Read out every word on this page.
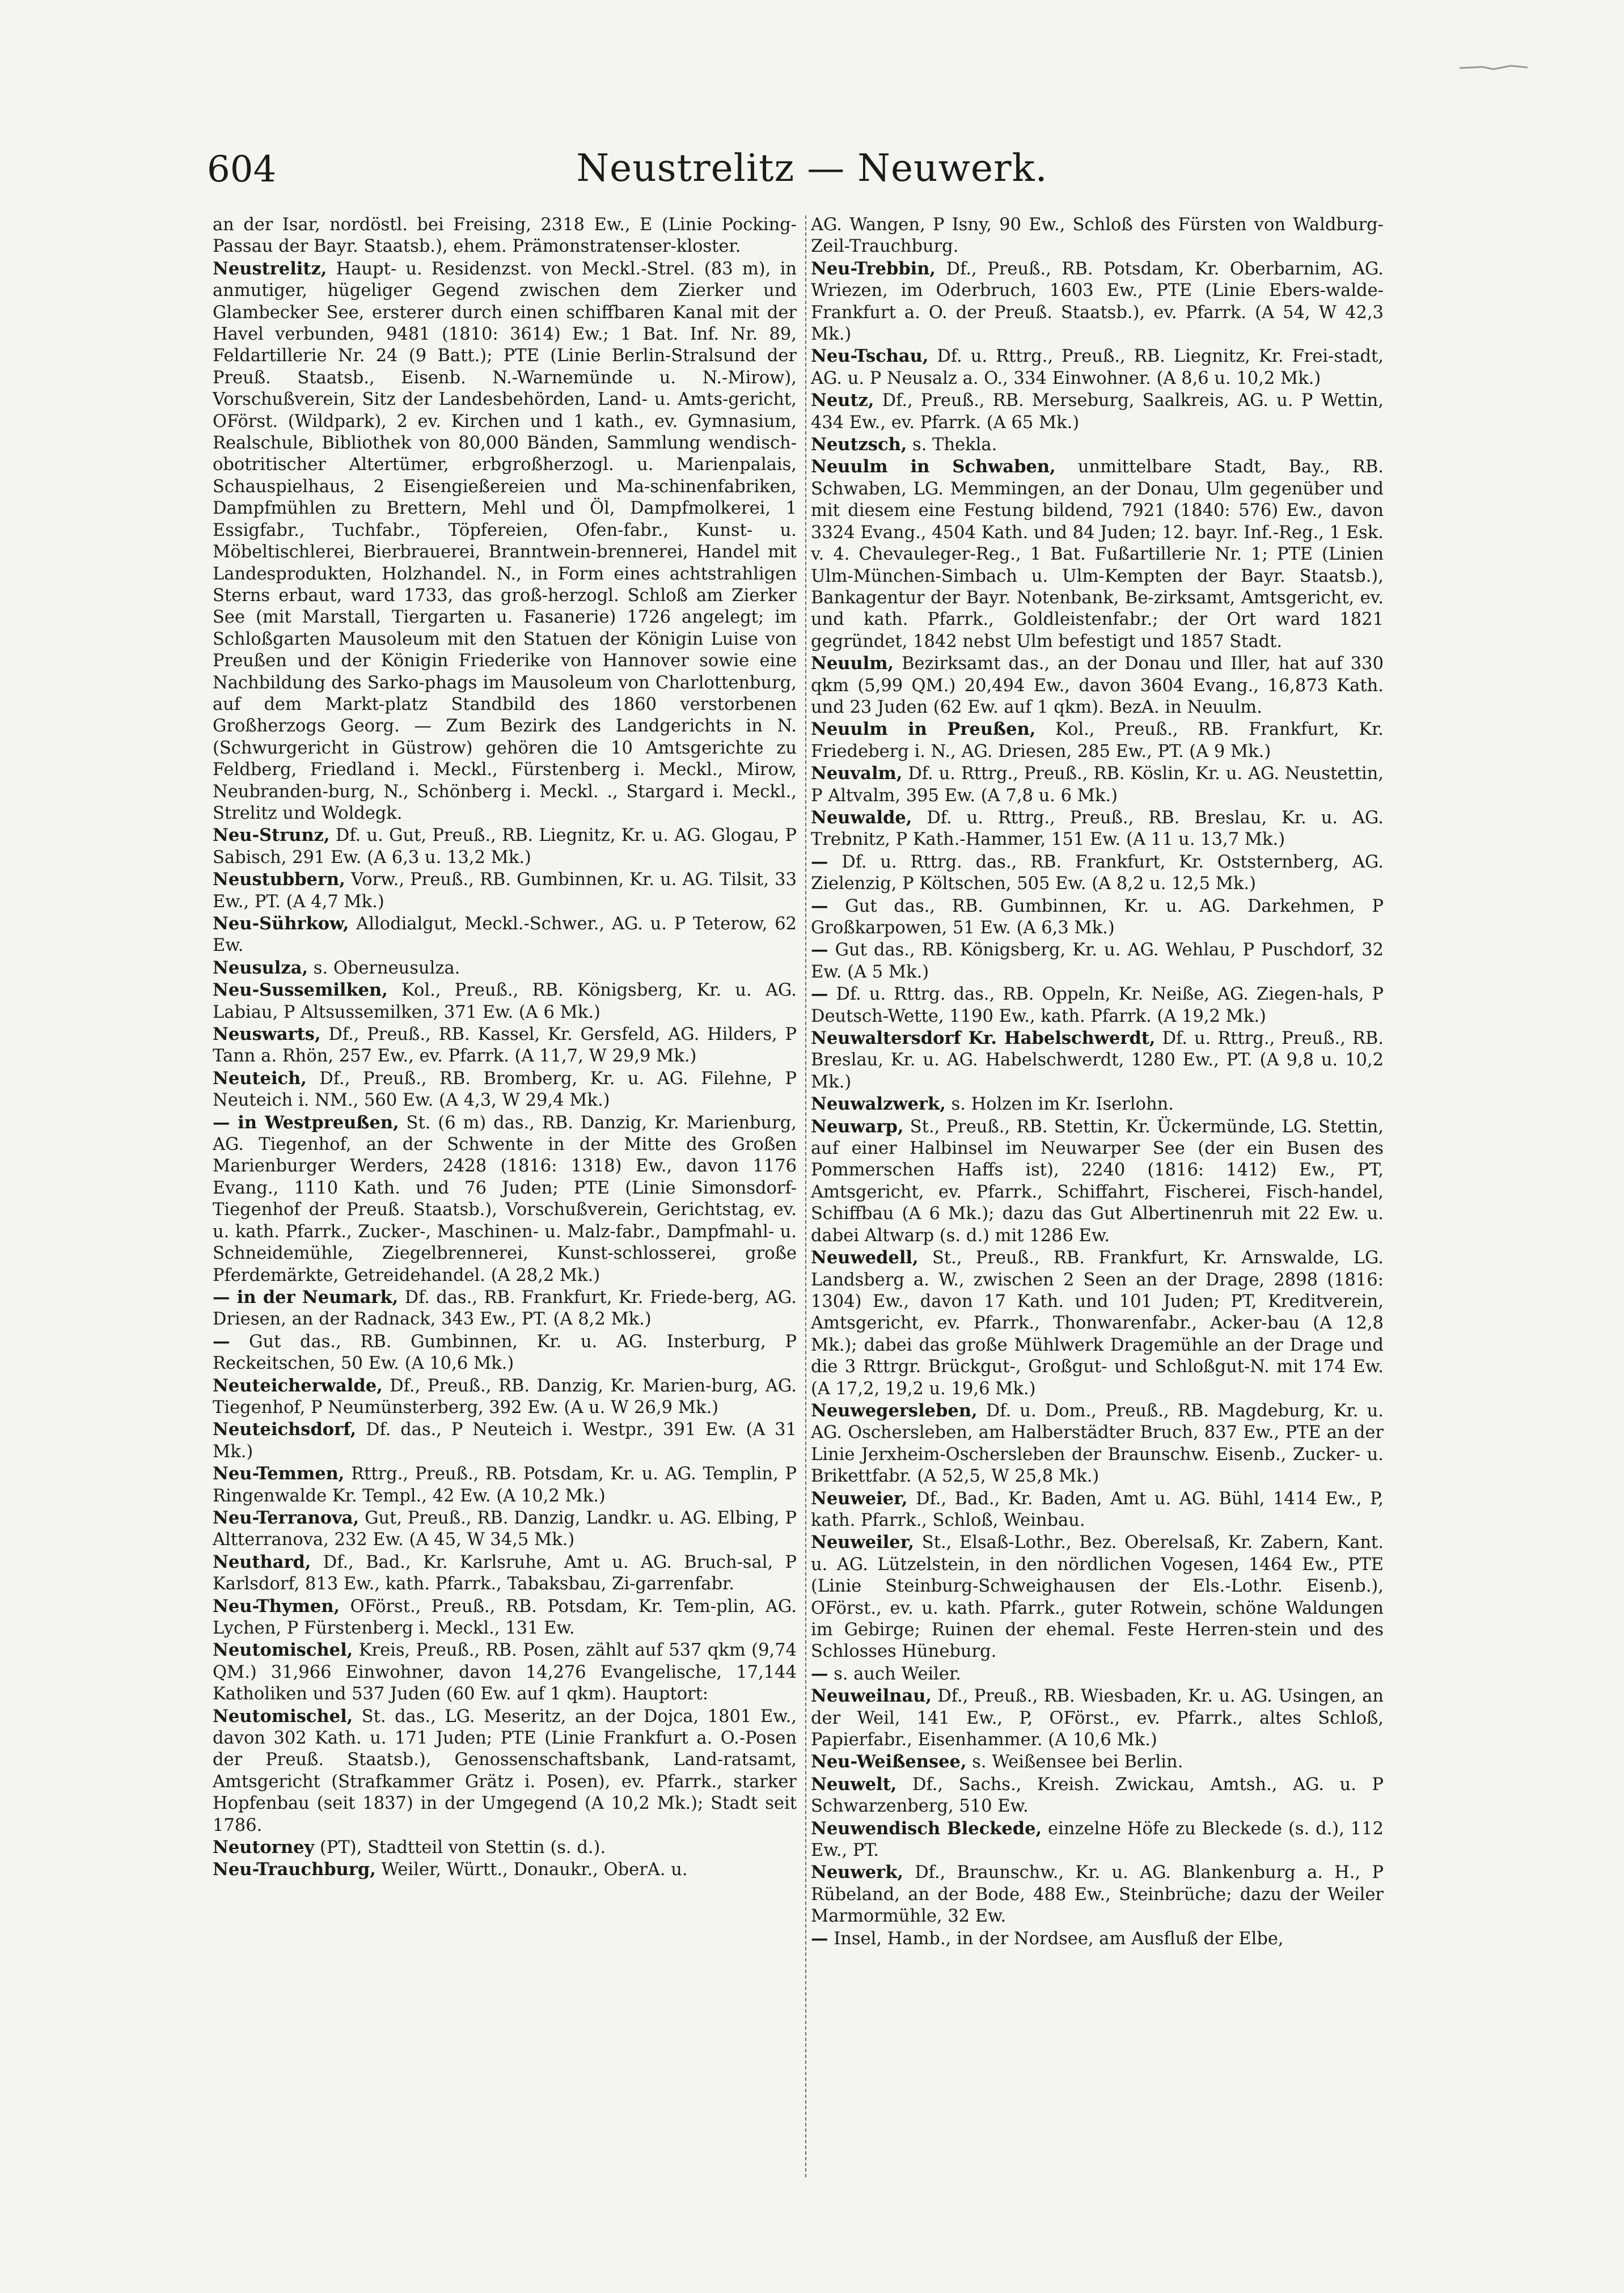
604	Neustrelitz — Neuwerk.

an der Isar, nordöstl. bei Freising, 2318 Ew., E (Linie Pocking-Passau der Bayr. Staatsb.), ehem. Prämonstratenser-kloster.

Neustrelitz, Haupt- u. Residenzst. von Meckl.-Strel. (83 m), in anmutiger, hügeliger Gegend zwischen dem Zierker und Glambecker See, ersterer durch einen schiffbaren Kanal mit der Havel verbunden, 9481 (1810: 3614) Ew.; 1 Bat. Inf. Nr. 89, Feldartillerie Nr. 24 (9 Batt.); PTE (Linie Berlin-Stralsund der Preuß. Staatsb., Eisenb. N.-Warnemünde u. N.-Mirow), Vorschußverein, Sitz der Landesbehörden, Land- u. Amts-gericht, OFörst. (Wildpark), 2 ev. Kirchen und 1 kath., ev. Gymnasium, Realschule, Bibliothek von 80,000 Bänden, Sammlung wendisch-obotritischer Altertümer, erbgroßherzogl. u. Marienpalais, Schauspielhaus, 2 Eisengießereien und Ma-schinenfabriken, Dampfmühlen zu Brettern, Mehl und Öl, Dampfmolkerei, 1 Essigfabr., Tuchfabr., Töpfereien, Ofen-fabr., Kunst- u. Möbeltischlerei, Bierbrauerei, Branntwein-brennerei, Handel mit Landesprodukten, Holzhandel. N., in Form eines achtstrahligen Sterns erbaut, ward 1733, das groß-herzogl. Schloß am Zierker See (mit Marstall, Tiergarten u. Fasanerie) 1726 angelegt; im Schloßgarten Mausoleum mit den Statuen der Königin Luise von Preußen und der Königin Friederike von Hannover sowie eine Nachbildung des Sarko-phags im Mausoleum von Charlottenburg, auf dem Markt-platz Standbild des 1860 verstorbenen Großherzogs Georg. — Zum Bezirk des Landgerichts in N. (Schwurgericht in Güstrow) gehören die 10 Amtsgerichte zu Feldberg, Friedland i. Meckl., Fürstenberg i. Meckl., Mirow, Neubranden-burg, N., Schönberg i. Meckl. ., Stargard i. Meckl., Strelitz und Woldegk.

Neu-Strunz, Df. u. Gut, Preuß., RB. Liegnitz, Kr. u. AG. Glogau, P Sabisch, 291 Ew. (A 6,3 u. 13,2 Mk.)

Neustubbern, Vorw., Preuß., RB. Gumbinnen, Kr. u. AG. Tilsit, 33 Ew., PT. (A 4,7 Mk.)

Neu-Sührkow, Allodialgut, Meckl.-Schwer., AG. u. P Teterow, 62 Ew.

Neusulza, s. Oberneusulza.

Neu-Sussemilken, Kol., Preuß., RB. Königsberg, Kr. u. AG. Labiau, P Altsussemilken, 371 Ew. (A 6 Mk.)

Neuswarts, Df., Preuß., RB. Kassel, Kr. Gersfeld, AG. Hilders, P Tann a. Rhön, 257 Ew., ev. Pfarrk. (A 11,7, W 29,9 Mk.)

Neuteich, Df., Preuß., RB. Bromberg, Kr. u. AG. Filehne, P Neuteich i. NM., 560 Ew. (A 4,3, W 29,4 Mk.)

— in Westpreußen, St. (6 m) das., RB. Danzig, Kr. Marienburg, AG. Tiegenhof, an der Schwente in der Mitte des Großen Marienburger Werders, 2428 (1816: 1318) Ew., davon 1176 Evang., 1110 Kath. und 76 Juden; PTE (Linie Simonsdorf-Tiegenhof der Preuß. Staatsb.), Vorschußverein, Gerichtstag, ev. u. kath. Pfarrk., Zucker-, Maschinen- u. Malz-fabr., Dampfmahl- u. Schneidemühle, Ziegelbrennerei, Kunst-schlosserei, große Pferdemärkte, Getreidehandel. (A 28,2 Mk.)

— in der Neumark, Df. das., RB. Frankfurt, Kr. Friede-berg, AG. Driesen, an der Radnack, 343 Ew., PT. (A 8,2 Mk.)

— Gut das., RB. Gumbinnen, Kr. u. AG. Insterburg, P Reckeitschen, 50 Ew. (A 10,6 Mk.)

Neuteicherwalde, Df., Preuß., RB. Danzig, Kr. Marien-burg, AG. Tiegenhof, P Neumünsterberg, 392 Ew. (A u. W 26,9 Mk.)

Neuteichsdorf, Df. das., P Neuteich i. Westpr., 391 Ew. (A 31 Mk.)

Neu-Temmen, Rttrg., Preuß., RB. Potsdam, Kr. u. AG. Templin, P Ringenwalde Kr. Templ., 42 Ew. (A 10,2 Mk.)

Neu-Terranova, Gut, Preuß., RB. Danzig, Landkr. u. AG. Elbing, P Altterranova, 232 Ew. (A 45, W 34,5 Mk.)

Neuthard, Df., Bad., Kr. Karlsruhe, Amt u. AG. Bruch-sal, P Karlsdorf, 813 Ew., kath. Pfarrk., Tabaksbau, Zi-garrenfabr.

Neu-Thymen, OFörst., Preuß., RB. Potsdam, Kr. Tem-plin, AG. Lychen, P Fürstenberg i. Meckl., 131 Ew.

Neutomischel, Kreis, Preuß., RB. Posen, zählt auf 537 qkm (9,74 QM.) 31,966 Einwohner, davon 14,276 Evangelische, 17,144 Katholiken und 537 Juden (60 Ew. auf 1 qkm). Hauptort:

Neutomischel, St. das., LG. Meseritz, an der Dojca, 1801 Ew., davon 302 Kath. u. 171 Juden; PTE (Linie Frankfurt a. O.-Posen der Preuß. Staatsb.), Genossenschaftsbank, Land-ratsamt, Amtsgericht (Strafkammer Grätz i. Posen), ev. Pfarrk., starker Hopfenbau (seit 1837) in der Umgegend (A 10,2 Mk.); Stadt seit 1786.

Neutorney (PT), Stadtteil von Stettin (s. d.).

Neu-Trauchburg, Weiler, Württ., Donaukr., OberA. u.

AG. Wangen, P Isny, 90 Ew., Schloß des Fürsten von Waldburg-Zeil-Trauchburg.

Neu-Trebbin, Df., Preuß., RB. Potsdam, Kr. Oberbarnim, AG. Wriezen, im Oderbruch, 1603 Ew., PTE (Linie Ebers-walde-Frankfurt a. O. der Preuß. Staatsb.), ev. Pfarrk. (A 54, W 42,3 Mk.)

Neu-Tschau, Df. u. Rttrg., Preuß., RB. Liegnitz, Kr. Frei-stadt, AG. u. P Neusalz a. O., 334 Einwohner. (A 8,6 u. 10,2 Mk.)

Neutz, Df., Preuß., RB. Merseburg, Saalkreis, AG. u. P Wettin, 434 Ew., ev. Pfarrk. (A 65 Mk.)

Neutzsch, s. Thekla.

Neuulm in Schwaben, unmittelbare Stadt, Bay., RB. Schwaben, LG. Memmingen, an der Donau, Ulm gegenüber und mit diesem eine Festung bildend, 7921 (1840: 576) Ew., davon 3324 Evang., 4504 Kath. und 84 Juden; 12. bayr. Inf.-Reg., 1 Esk. v. 4. Chevauleger-Reg., 1 Bat. Fußartillerie Nr. 1; PTE (Linien Ulm-München-Simbach u. Ulm-Kempten der Bayr. Staatsb.), Bankagentur der Bayr. Notenbank, Be-zirksamt, Amtsgericht, ev. und kath. Pfarrk., Goldleistenfabr.; der Ort ward 1821 gegründet, 1842 nebst Ulm befestigt und 1857 Stadt.

Neuulm, Bezirksamt das., an der Donau und Iller, hat auf 330 qkm (5,99 QM.) 20,494 Ew., davon 3604 Evang., 16,873 Kath. und 23 Juden (62 Ew. auf 1 qkm). BezA. in Neuulm.

Neuulm in Preußen, Kol., Preuß., RB. Frankfurt, Kr. Friedeberg i. N., AG. Driesen, 285 Ew., PT. (A 9 Mk.)

Neuvalm, Df. u. Rttrg., Preuß., RB. Köslin, Kr. u. AG. Neustettin, P Altvalm, 395 Ew. (A 7,8 u. 6 Mk.)

Neuwalde, Df. u. Rttrg., Preuß., RB. Breslau, Kr. u. AG. Trebnitz, P Kath.-Hammer, 151 Ew. (A 11 u. 13,7 Mk.)

— Df. u. Rttrg. das., RB. Frankfurt, Kr. Oststernberg, AG. Zielenzig, P Költschen, 505 Ew. (A 8,2 u. 12,5 Mk.)

— Gut das., RB. Gumbinnen, Kr. u. AG. Darkehmen, P Großkarpowen, 51 Ew. (A 6,3 Mk.)

— Gut das., RB. Königsberg, Kr. u. AG. Wehlau, P Puschdorf, 32 Ew. (A 5 Mk.)

— Df. u. Rttrg. das., RB. Oppeln, Kr. Neiße, AG. Ziegen-hals, P Deutsch-Wette, 1190 Ew., kath. Pfarrk. (A 19,2 Mk.)

Neuwaltersdorf Kr. Habelschwerdt, Df. u. Rttrg., Preuß., RB. Breslau, Kr. u. AG. Habelschwerdt, 1280 Ew., PT. (A 9,8 u. 10,2 Mk.)

Neuwalzwerk, s. Holzen im Kr. Iserlohn.

Neuwarp, St., Preuß., RB. Stettin, Kr. Ückermünde, LG. Stettin, auf einer Halbinsel im Neuwarper See (der ein Busen des Pommerschen Haffs ist), 2240 (1816: 1412) Ew., PT, Amtsgericht, ev. Pfarrk., Schiffahrt, Fischerei, Fisch-handel, Schiffbau (A 6 Mk.); dazu das Gut Albertinenruh mit 22 Ew. u. dabei Altwarp (s. d.) mit 1286 Ew.

Neuwedell, St., Preuß., RB. Frankfurt, Kr. Arnswalde, LG. Landsberg a. W., zwischen 2 Seen an der Drage, 2898 (1816: 1304) Ew., davon 17 Kath. und 101 Juden; PT, Kreditverein, Amtsgericht, ev. Pfarrk., Thonwarenfabr., Acker-bau (A 12,8 Mk.); dabei das große Mühlwerk Dragemühle an der Drage und die 3 Rttrgr. Brückgut-, Großgut- und Schloßgut-N. mit 174 Ew. (A 17,2, 19,2 u. 19,6 Mk.)

Neuwegersleben, Df. u. Dom., Preuß., RB. Magdeburg, Kr. u. AG. Oschersleben, am Halberstädter Bruch, 837 Ew., PTE an der Linie Jerxheim-Oschersleben der Braunschw. Eisenb., Zucker- u. Brikettfabr. (A 52,5, W 25,8 Mk.)

Neuweier, Df., Bad., Kr. Baden, Amt u. AG. Bühl, 1414 Ew., P, kath. Pfarrk., Schloß, Weinbau.

Neuweiler, St., Elsaß-Lothr., Bez. Oberelsaß, Kr. Zabern, Kant. u. AG. Lützelstein, in den nördlichen Vogesen, 1464 Ew., PTE (Linie Steinburg-Schweighausen der Els.-Lothr. Eisenb.), OFörst., ev. u. kath. Pfarrk., guter Rotwein, schöne Waldungen im Gebirge; Ruinen der ehemal. Feste Herren-stein und des Schlosses Hüneburg.

— s. auch Weiler.

Neuweilnau, Df., Preuß., RB. Wiesbaden, Kr. u. AG. Usingen, an der Weil, 141 Ew., P, OFörst., ev. Pfarrk., altes Schloß, Papierfabr., Eisenhammer. (A 10,6 Mk.)

Neu-Weißensee, s. Weißensee bei Berlin.

Neuwelt, Df., Sachs., Kreish. Zwickau, Amtsh., AG. u. P Schwarzenberg, 510 Ew.

Neuwendisch Bleckede, einzelne Höfe zu Bleckede (s. d.), 112 Ew., PT.

Neuwerk, Df., Braunschw., Kr. u. AG. Blankenburg a. H., P Rübeland, an der Bode, 488 Ew., Steinbrüche; dazu der Weiler Marmormühle, 32 Ew.

— Insel, Hamb., in der Nordsee, am Ausfluß der Elbe,
